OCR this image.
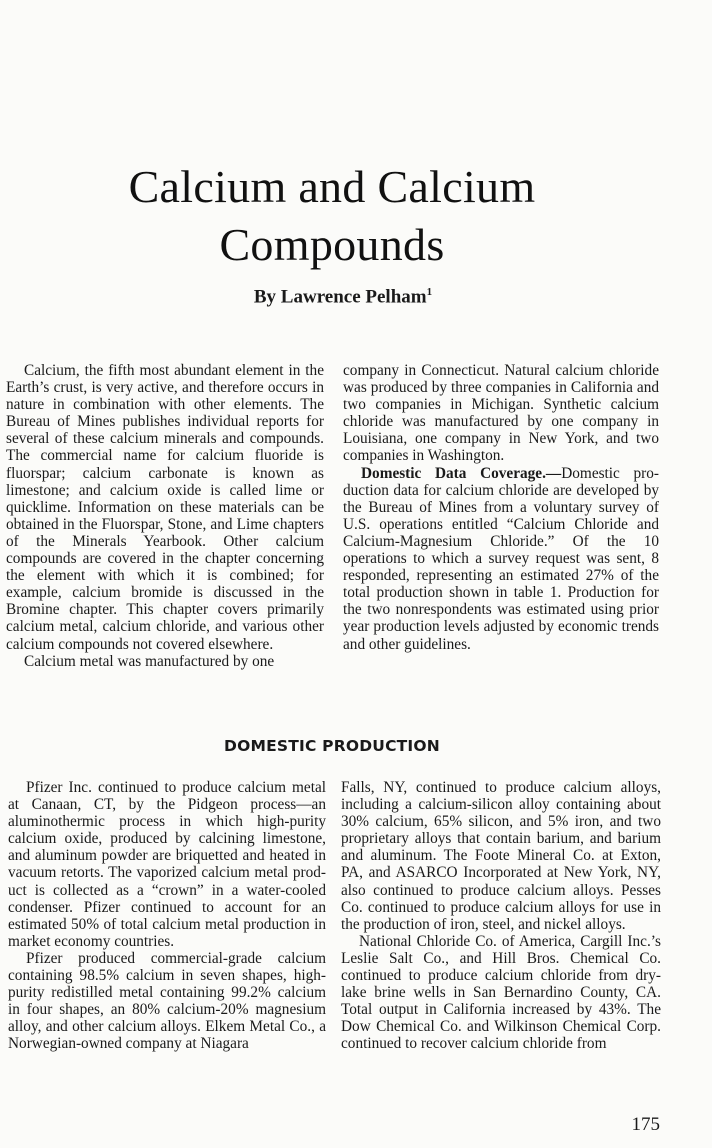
Calcium and Calcium
Compounds

By Lawrence Pelham$^1$

Calcium, the fifth most abundant element in the Earth’s crust, is very active, and therefore occurs in nature in combination with other elements. The Bureau of Mines publishes individual reports for several of these calcium minerals and compounds. The commercial name for calcium fluoride is fluorspar; calcium carbonate is known as limestone; and calcium oxide is called lime or quicklime. Information on these materials can be obtained in the Fluorspar, Stone, and Lime chapters of the Minerals Yearbook. Other calcium compounds are covered in the chapter concerning the element with which it is combined; for example, calcium bromide is discussed in the Bromine chapter. This chapter covers primarily calcium metal, calcium chloride, and various other calcium compounds not covered elsewhere.

Calcium metal was manufactured by one

company in Connecticut. Natural calcium chloride was produced by three companies in California and two companies in Michigan. Synthetic calcium chloride was manufactured by one company in Louisiana, one company in New York, and two companies in Washington.

Domestic Data Coverage.—Domestic production data for calcium chloride are developed by the Bureau of Mines from a voluntary survey of U.S. operations entitled “Calcium Chloride and Calcium-Magnesium Chloride.” Of the 10 operations to which a survey request was sent, 8 responded, representing an estimated 27% of the total production shown in table 1. Production for the two nonrespondents was estimated using prior year production levels adjusted by economic trends and other guidelines.

DOMESTIC PRODUCTION

Pfizer Inc. continued to produce calcium metal at Canaan, CT, by the Pidgeon process—an aluminothermic process in which high-purity calcium oxide, produced by calcining limestone, and aluminum powder are briquetted and heated in vacuum retorts. The vaporized calcium metal product is collected as a “crown” in a water-cooled condenser. Pfizer continued to account for an estimated 50% of total calcium metal production in market economy countries.

Pfizer produced commercial-grade calcium containing 98.5% calcium in seven shapes, high-purity redistilled metal containing 99.2% calcium in four shapes, an 80% calcium-20% magnesium alloy, and other calcium alloys. Elkem Metal Co., a Norwegian-owned company at Niagara

Falls, NY, continued to produce calcium alloys, including a calcium-silicon alloy containing about 30% calcium, 65% silicon, and 5% iron, and two proprietary alloys that contain barium, and barium and aluminum. The Foote Mineral Co. at Exton, PA, and ASARCO Incorporated at New York, NY, also continued to produce calcium alloys. Pesses Co. continued to produce calcium alloys for use in the production of iron, steel, and nickel alloys.

National Chloride Co. of America, Cargill Inc.’s Leslie Salt Co., and Hill Bros. Chemical Co. continued to produce calcium chloride from dry-lake brine wells in San Bernardino County, CA. Total output in California increased by 43%. The Dow Chemical Co. and Wilkinson Chemical Corp. continued to recover calcium chloride from

175
